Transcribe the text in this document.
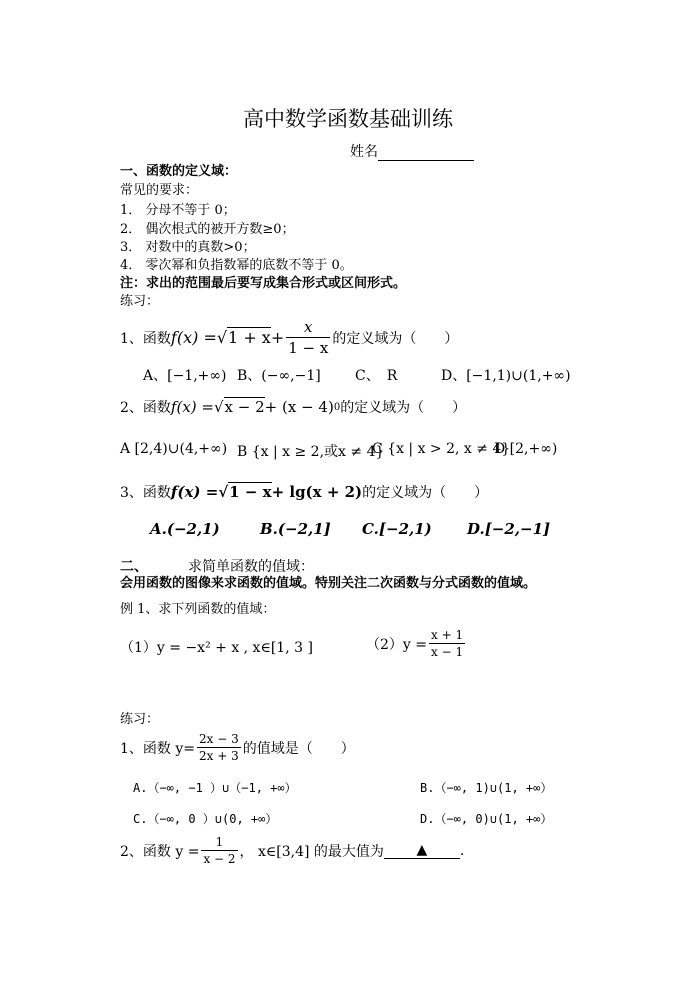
高中数学函数基础训练
姓名
一、函数的定义域：
常见的要求：
1． 分母不等于 0；
2． 偶次根式的被开方数≥0；
3． 对数中的真数>0；
4． 零次幂和负指数幂的底数不等于 0。
注：求出的范围最后要写成集合形式或区间形式。
练习：
1、函数 $f(x) = √1 + x + \frac{x}{1 - x}$ 的定义域为（　　）
A、[−1,+∞) B、(−∞,−1] C、　R	D、[−1,1)∪(1,+∞)
2、函数 f(x) = √x − 2 + (x − 4) 0 的定义域为（　　）
A [2,4)∪(4,+∞) B {x | x ≥ 2,或x ≠ 4}
C {x | x > 2, x ≠ 4}
D [2,+∞)
3、函数 f(x) = √1 − x + lg(x + 2) 的定义域为（　　）
A.(−2,1)	B.(−2,1] C.[−2,1) D.[−2,−1]
二、	求简单函数的值域：
会用函数的图像来求函数的值域。特别关注二次函数与分式函数的值域。
例 1、求下列函数的值域：
（1）y = −x² + x , x∈[1, 3 ]	$(2)y = \frac{x + 1}{x - 1}$
练习：
1、函数 $y= \frac{2x - 3}{2x + 3}$ 的值域是（　　）
A.（−∞, −1 ）∪（−1, +∞）	B.（−∞, 1)∪(1, +∞）
C.（−∞, 0 ）∪(0, +∞）	D.（−∞, 0)∪(1, +∞）
2、函数 $y = \frac{1}{x - 2}$ ， x∈[3,4] 的最大值为	▲	.
